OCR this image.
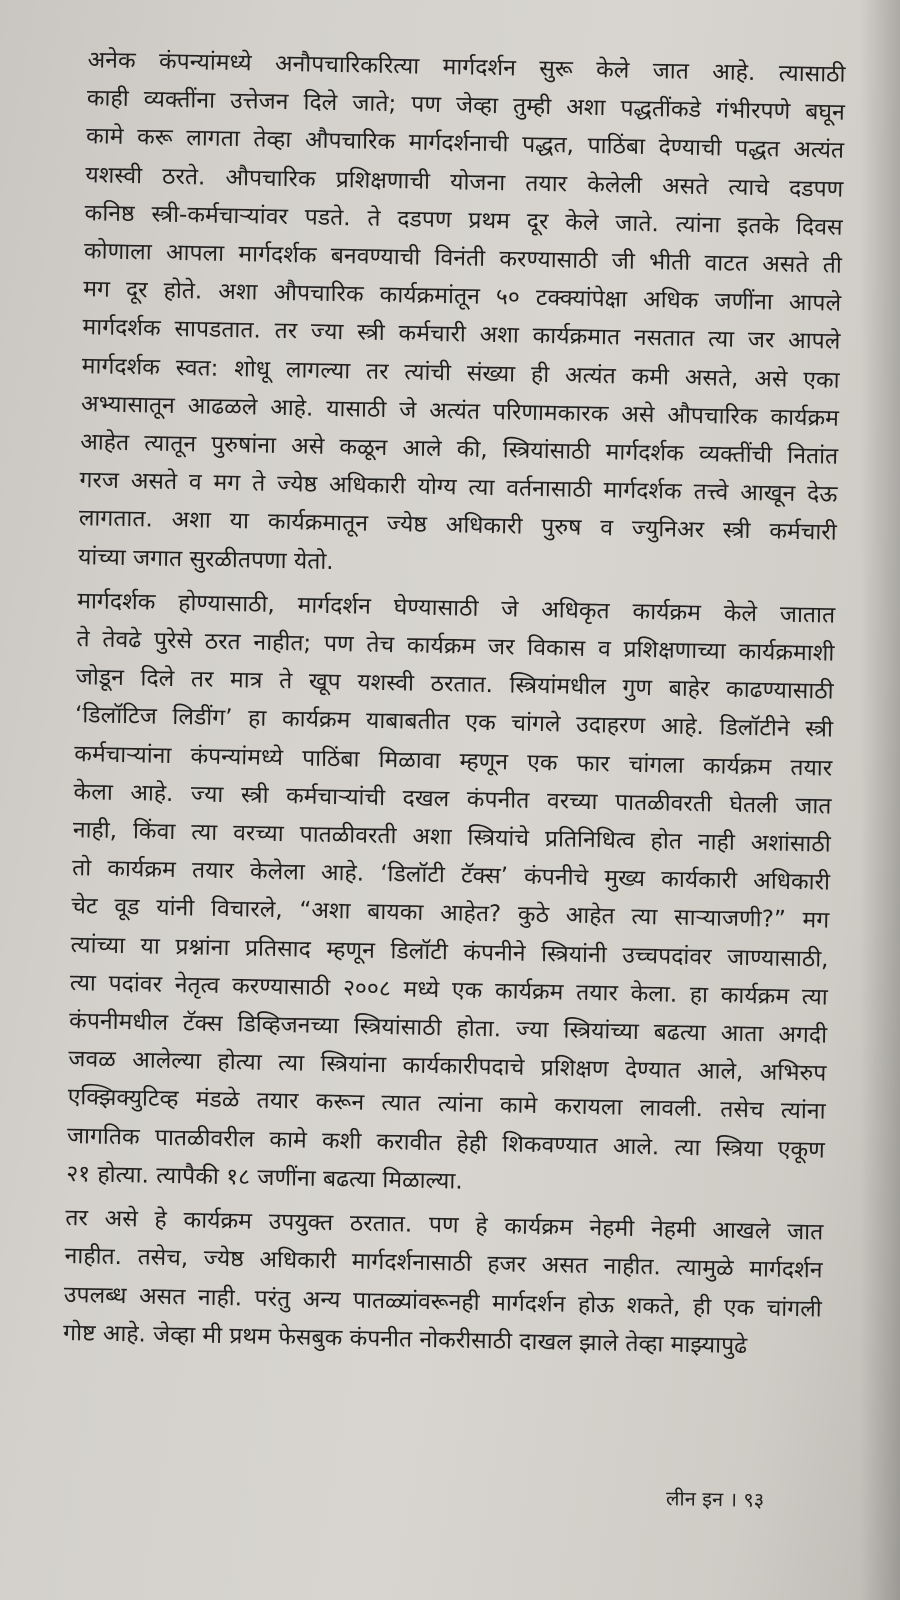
अनेक कंपन्यांमध्ये अनौपचारिकरित्या मार्गदर्शन सुरू केले जात आहे. त्यासाठी
काही व्यक्तींना उत्तेजन दिले जाते; पण जेव्हा तुम्ही अशा पद्धतींकडे गंभीरपणे बघून
कामे करू लागता तेव्हा औपचारिक मार्गदर्शनाची पद्धत, पाठिंबा देण्याची पद्धत अत्यंत
यशस्वी ठरते. औपचारिक प्रशिक्षणाची योजना तयार केलेली असते त्याचे दडपण
कनिष्ठ स्त्री-कर्मचाऱ्यांवर पडते. ते दडपण प्रथम दूर केले जाते. त्यांना इतके दिवस
कोणाला आपला मार्गदर्शक बनवण्याची विनंती करण्यासाठी जी भीती वाटत असते ती
मग दूर होते. अशा औपचारिक कार्यक्रमांतून ५० टक्क्यांपेक्षा अधिक जणींना आपले
मार्गदर्शक सापडतात. तर ज्या स्त्री कर्मचारी अशा कार्यक्रमात नसतात त्या जर आपले
मार्गदर्शक स्वत: शोधू लागल्या तर त्यांची संख्या ही अत्यंत कमी असते, असे एका
अभ्यासातून आढळले आहे. यासाठी जे अत्यंत परिणामकारक असे औपचारिक कार्यक्रम
आहेत त्यातून पुरुषांना असे कळून आले की, स्त्रियांसाठी मार्गदर्शक व्यक्तींची नितांत
गरज असते व मग ते ज्येष्ठ अधिकारी योग्य त्या वर्तनासाठी मार्गदर्शक तत्त्वे आखून देऊ
लागतात. अशा या कार्यक्रमातून ज्येष्ठ अधिकारी पुरुष व ज्युनिअर स्त्री कर्मचारी
यांच्या जगात सुरळीतपणा येतो.
मार्गदर्शक होण्यासाठी, मार्गदर्शन घेण्यासाठी जे अधिकृत कार्यक्रम केले जातात
ते तेवढे पुरेसे ठरत नाहीत; पण तेच कार्यक्रम जर विकास व प्रशिक्षणाच्या कार्यक्रमाशी
जोडून दिले तर मात्र ते खूप यशस्वी ठरतात. स्त्रियांमधील गुण बाहेर काढण्यासाठी
‘डिलॉटिज लिडींग’ हा कार्यक्रम याबाबतीत एक चांगले उदाहरण आहे. डिलॉटीने स्त्री
कर्मचाऱ्यांना कंपन्यांमध्ये पाठिंबा मिळावा म्हणून एक फार चांगला कार्यक्रम तयार
केला आहे. ज्या स्त्री कर्मचाऱ्यांची दखल कंपनीत वरच्या पातळीवरती घेतली जात
नाही, किंवा त्या वरच्या पातळीवरती अशा स्त्रियांचे प्रतिनिधित्व होत नाही अशांसाठी
तो कार्यक्रम तयार केलेला आहे. ‘डिलॉटी टॅक्स’ कंपनीचे मुख्य कार्यकारी अधिकारी
चेट वूड यांनी विचारले, “अशा बायका आहेत? कुठे आहेत त्या साऱ्याजणी?” मग
त्यांच्या या प्रश्नांना प्रतिसाद म्हणून डिलॉटी कंपनीने स्त्रियांनी उच्चपदांवर जाण्यासाठी,
त्या पदांवर नेतृत्व करण्यासाठी २००८ मध्ये एक कार्यक्रम तयार केला. हा कार्यक्रम त्या
कंपनीमधील टॅक्स डिव्हिजनच्या स्त्रियांसाठी होता. ज्या स्त्रियांच्या बढत्या आता अगदी
जवळ आलेल्या होत्या त्या स्त्रियांना कार्यकारीपदाचे प्रशिक्षण देण्यात आले, अभिरुप
एक्झिक्युटिव्ह मंडळे तयार करून त्यात त्यांना कामे करायला लावली. तसेच त्यांना
जागतिक पातळीवरील कामे कशी करावीत हेही शिकवण्यात आले. त्या स्त्रिया एकूण
२१ होत्या. त्यापैकी १८ जणींना बढत्या मिळाल्या.
तर असे हे कार्यक्रम उपयुक्त ठरतात. पण हे कार्यक्रम नेहमी नेहमी आखले जात
नाहीत. तसेच, ज्येष्ठ अधिकारी मार्गदर्शनासाठी हजर असत नाहीत. त्यामुळे मार्गदर्शन
उपलब्ध असत नाही. परंतु अन्य पातळ्यांवरूनही मार्गदर्शन होऊ शकते, ही एक चांगली
गोष्ट आहे. जेव्हा मी प्रथम फेसबुक कंपनीत नोकरीसाठी दाखल झाले तेव्हा माझ्यापुढे
लीन इन । ९३
